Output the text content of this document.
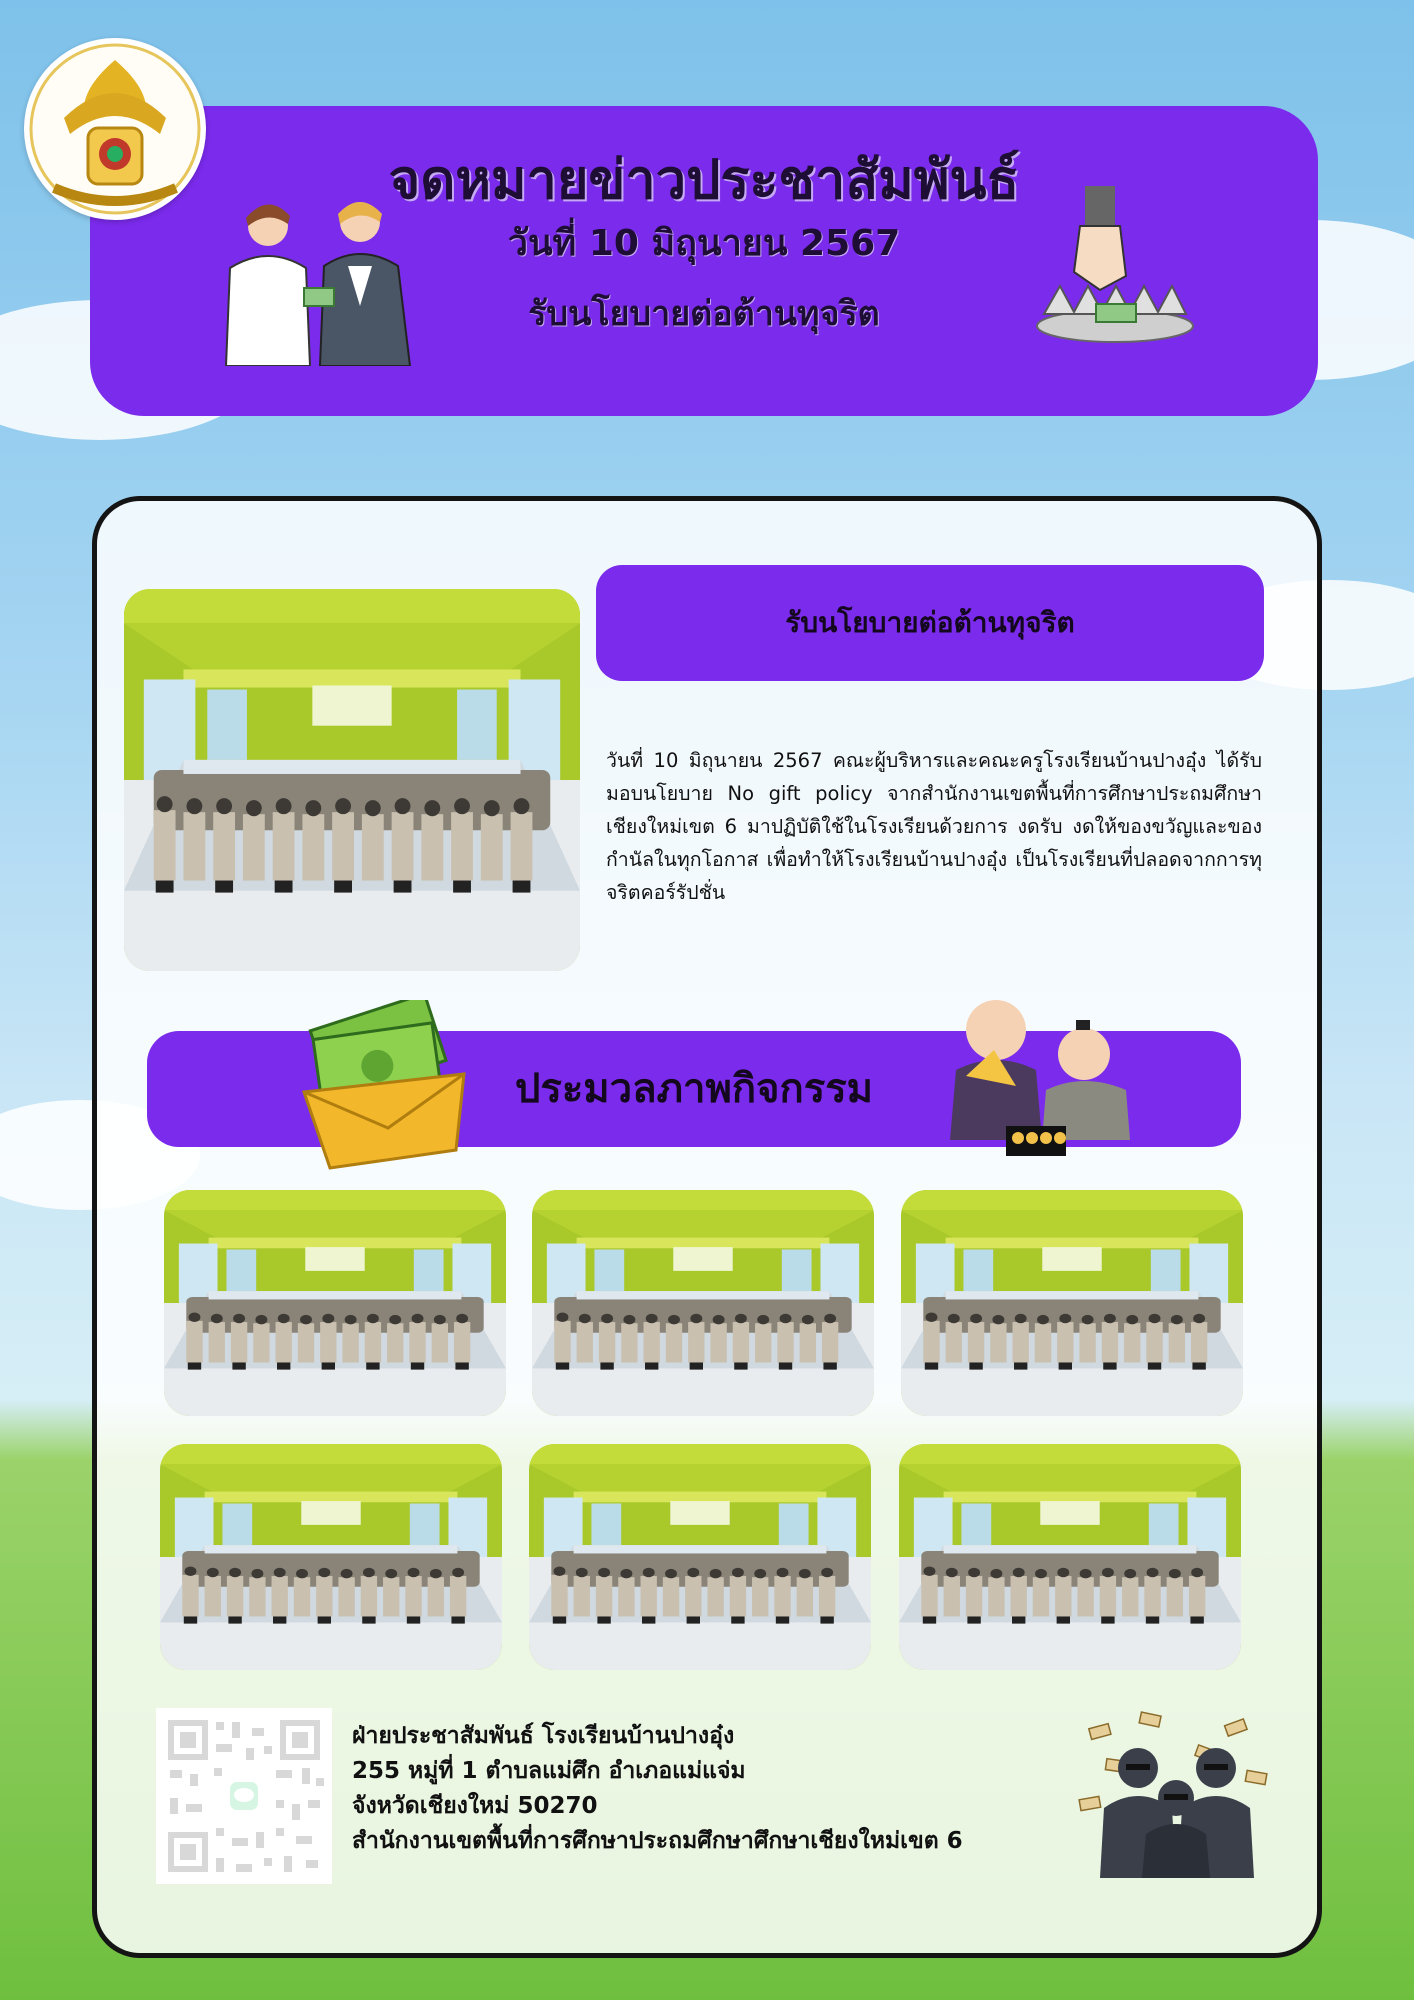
จดหมายข่าวประชาสัมพันธ์
วันที่ 10 มิถุนายน 2567
รับนโยบายต่อต้านทุจริต
รับนโยบายต่อต้านทุจริต
ประมวลภาพกิจกรรม
วันที่ 10 มิถุนายน 2567 คณะผู้บริหารและคณะครูโรงเรียนบ้านปางอุ๋ง ได้รับมอบนโยบาย No gift policy จากสำนักงานเขตพื้นที่การศึกษาประถมศึกษาเชียงใหม่เขต 6 มาปฏิบัติใช้ในโรงเรียนด้วยการ งดรับ งดให้ของขวัญและของกำนัลในทุกโอกาส เพื่อทำให้โรงเรียนบ้านปางอุ๋ง เป็นโรงเรียนที่ปลอดจากการทุจริตคอร์รัปชั่น
ฝ่ายประชาสัมพันธ์ โรงเรียนบ้านปางอุ๋ง
255 หมู่ที่ 1 ตำบลแม่ศึก อำเภอแม่แจ่ม
จังหวัดเชียงใหม่ 50270
สำนักงานเขตพื้นที่การศึกษาประถมศึกษาศึกษาเชียงใหม่เขต 6
